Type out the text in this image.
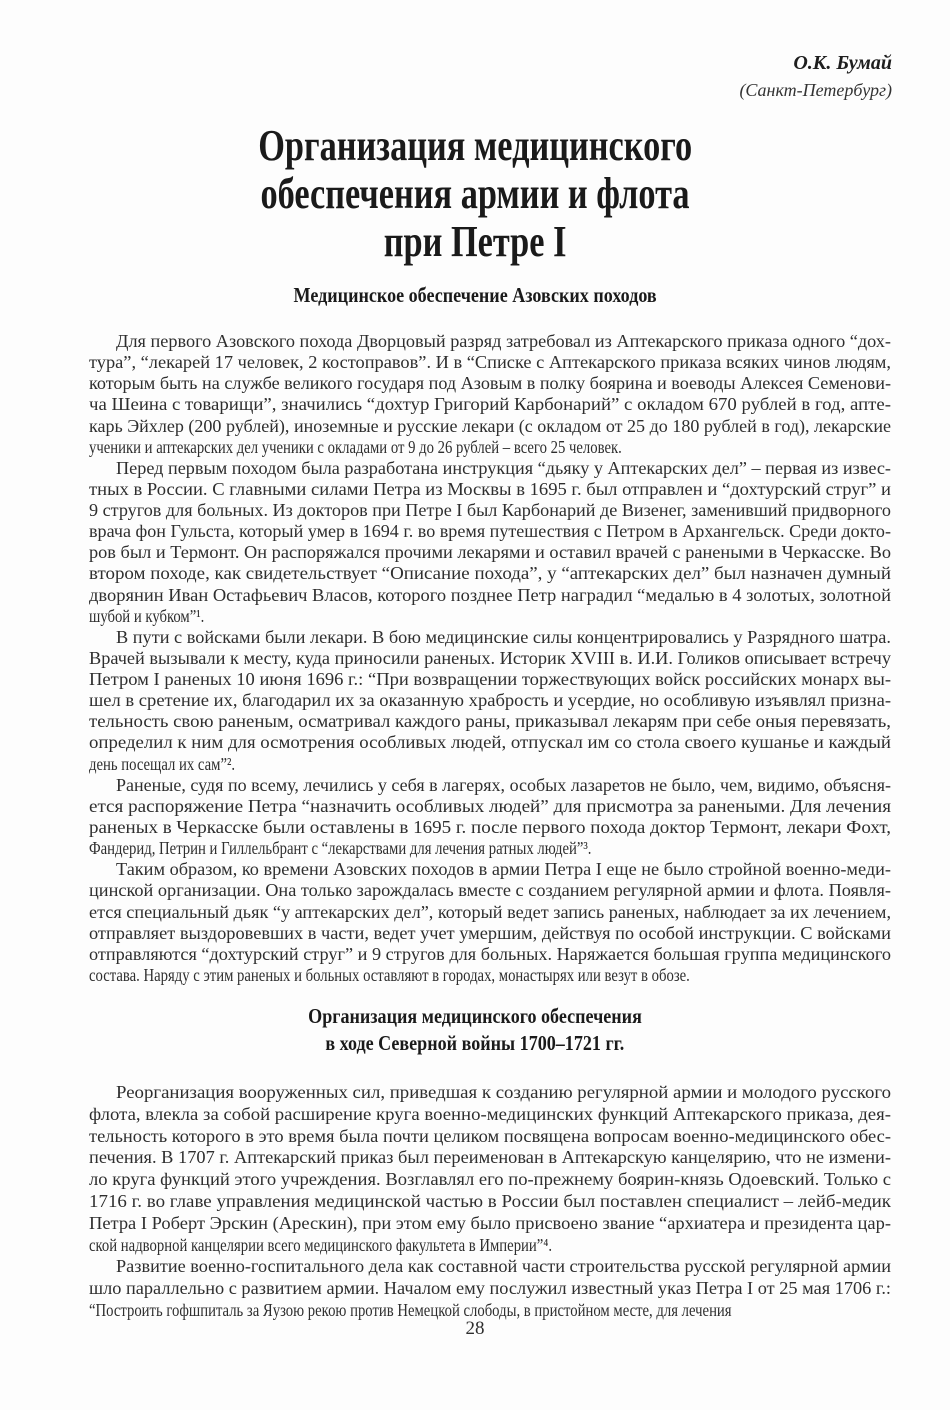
О.К. Бумай
(Санкт-Петербург)
Организация медицинского
обеспечения армии и флота
при Петре I
Медицинское обеспечение Азовских походов
Для первого Азовского похода Дворцовый разряд затребовал из Аптекарского приказа одного “дох-
тура”, “лекарей 17 человек, 2 костоправов”. И в “Списке с Аптекарского приказа всяких чинов людям,
которым быть на службе великого государя под Азовым в полку боярина и воеводы Алексея Семенови-
ча Шеина с товарищи”, значились “дохтур Григорий Карбонарий” с окладом 670 рублей в год, апте-
карь Эйхлер (200 рублей), иноземные и русские лекари (с окладом от 25 до 180 рублей в год), лекарские
ученики и аптекарских дел ученики с окладами от 9 до 26 рублей – всего 25 человек.
Перед первым походом была разработана инструкция “дьяку у Аптекарских дел” – первая из извес-
тных в России. С главными силами Петра из Москвы в 1695 г. был отправлен и “дохтурский струг” и
9 стругов для больных. Из докторов при Петре I был Карбонарий де Визенег, заменивший придворного
врача фон Гульста, который умер в 1694 г. во время путешествия с Петром в Архангельск. Среди докто-
ров был и Термонт. Он распоряжался прочими лекарями и оставил врачей с ранеными в Черкасске. Во
втором походе, как свидетельствует “Описание похода”, у “аптекарских дел” был назначен думный
дворянин Иван Остафьевич Власов, которого позднее Петр наградил “медалью в 4 золотых, золотной
шубой и кубком”¹.
В пути с войсками были лекари. В бою медицинские силы концентрировались у Разрядного шатра.
Врачей вызывали к месту, куда приносили раненых. Историк XVIII в. И.И. Голиков описывает встречу
Петром I раненых 10 июня 1696 г.: “При возвращении торжествующих войск российских монарх вы-
шел в сретение их, благодарил их за оказанную храбрость и усердие, но особливую изъявлял призна-
тельность свою раненым, осматривал каждого раны, приказывал лекарям при себе оныя перевязать,
определил к ним для осмотрения особливых людей, отпускал им со стола своего кушанье и каждый
день посещал их сам”².
Раненые, судя по всему, лечились у себя в лагерях, особых лазаретов не было, чем, видимо, объясня-
ется распоряжение Петра “назначить особливых людей” для присмотра за ранеными. Для лечения
раненых в Черкасске были оставлены в 1695 г. после первого похода доктор Термонт, лекари Фохт,
Фандерид, Петрин и Гиллельбрант с “лекарствами для лечения ратных людей”³.
Таким образом, ко времени Азовских походов в армии Петра I еще не было стройной военно-меди-
цинской организации. Она только зарождалась вместе с созданием регулярной армии и флота. Появля-
ется специальный дьяк “у аптекарских дел”, который ведет запись раненых, наблюдает за их лечением,
отправляет выздоровевших в части, ведет учет умершим, действуя по особой инструкции. С войсками
отправляются “дохтурский струг” и 9 стругов для больных. Наряжается большая группа медицинского
состава. Наряду с этим раненых и больных оставляют в городах, монастырях или везут в обозе.
Организация медицинского обеспечения
в ходе Северной войны 1700–1721 гг.
Реорганизация вооруженных сил, приведшая к созданию регулярной армии и молодого русского
флота, влекла за собой расширение круга военно-медицинских функций Аптекарского приказа, дея-
тельность которого в это время была почти целиком посвящена вопросам военно-медицинского обес-
печения. В 1707 г. Аптекарский приказ был переименован в Аптекарскую канцелярию, что не измени-
ло круга функций этого учреждения. Возглавлял его по-прежнему боярин-князь Одоевский. Только с
1716 г. во главе управления медицинской частью в России был поставлен специалист – лейб-медик
Петра I Роберт Эрскин (Арескин), при этом ему было присвоено звание “архиатера и президента цар-
ской надворной канцелярии всего медицинского факультета в Империи”⁴.
Развитие военно-госпитального дела как составной части строительства русской регулярной армии
шло параллельно с развитием армии. Началом ему послужил известный указ Петра I от 25 мая 1706 г.:
“Построить гофшпиталь за Яузою рекою против Немецкой слободы, в пристойном месте, для лечения
28
